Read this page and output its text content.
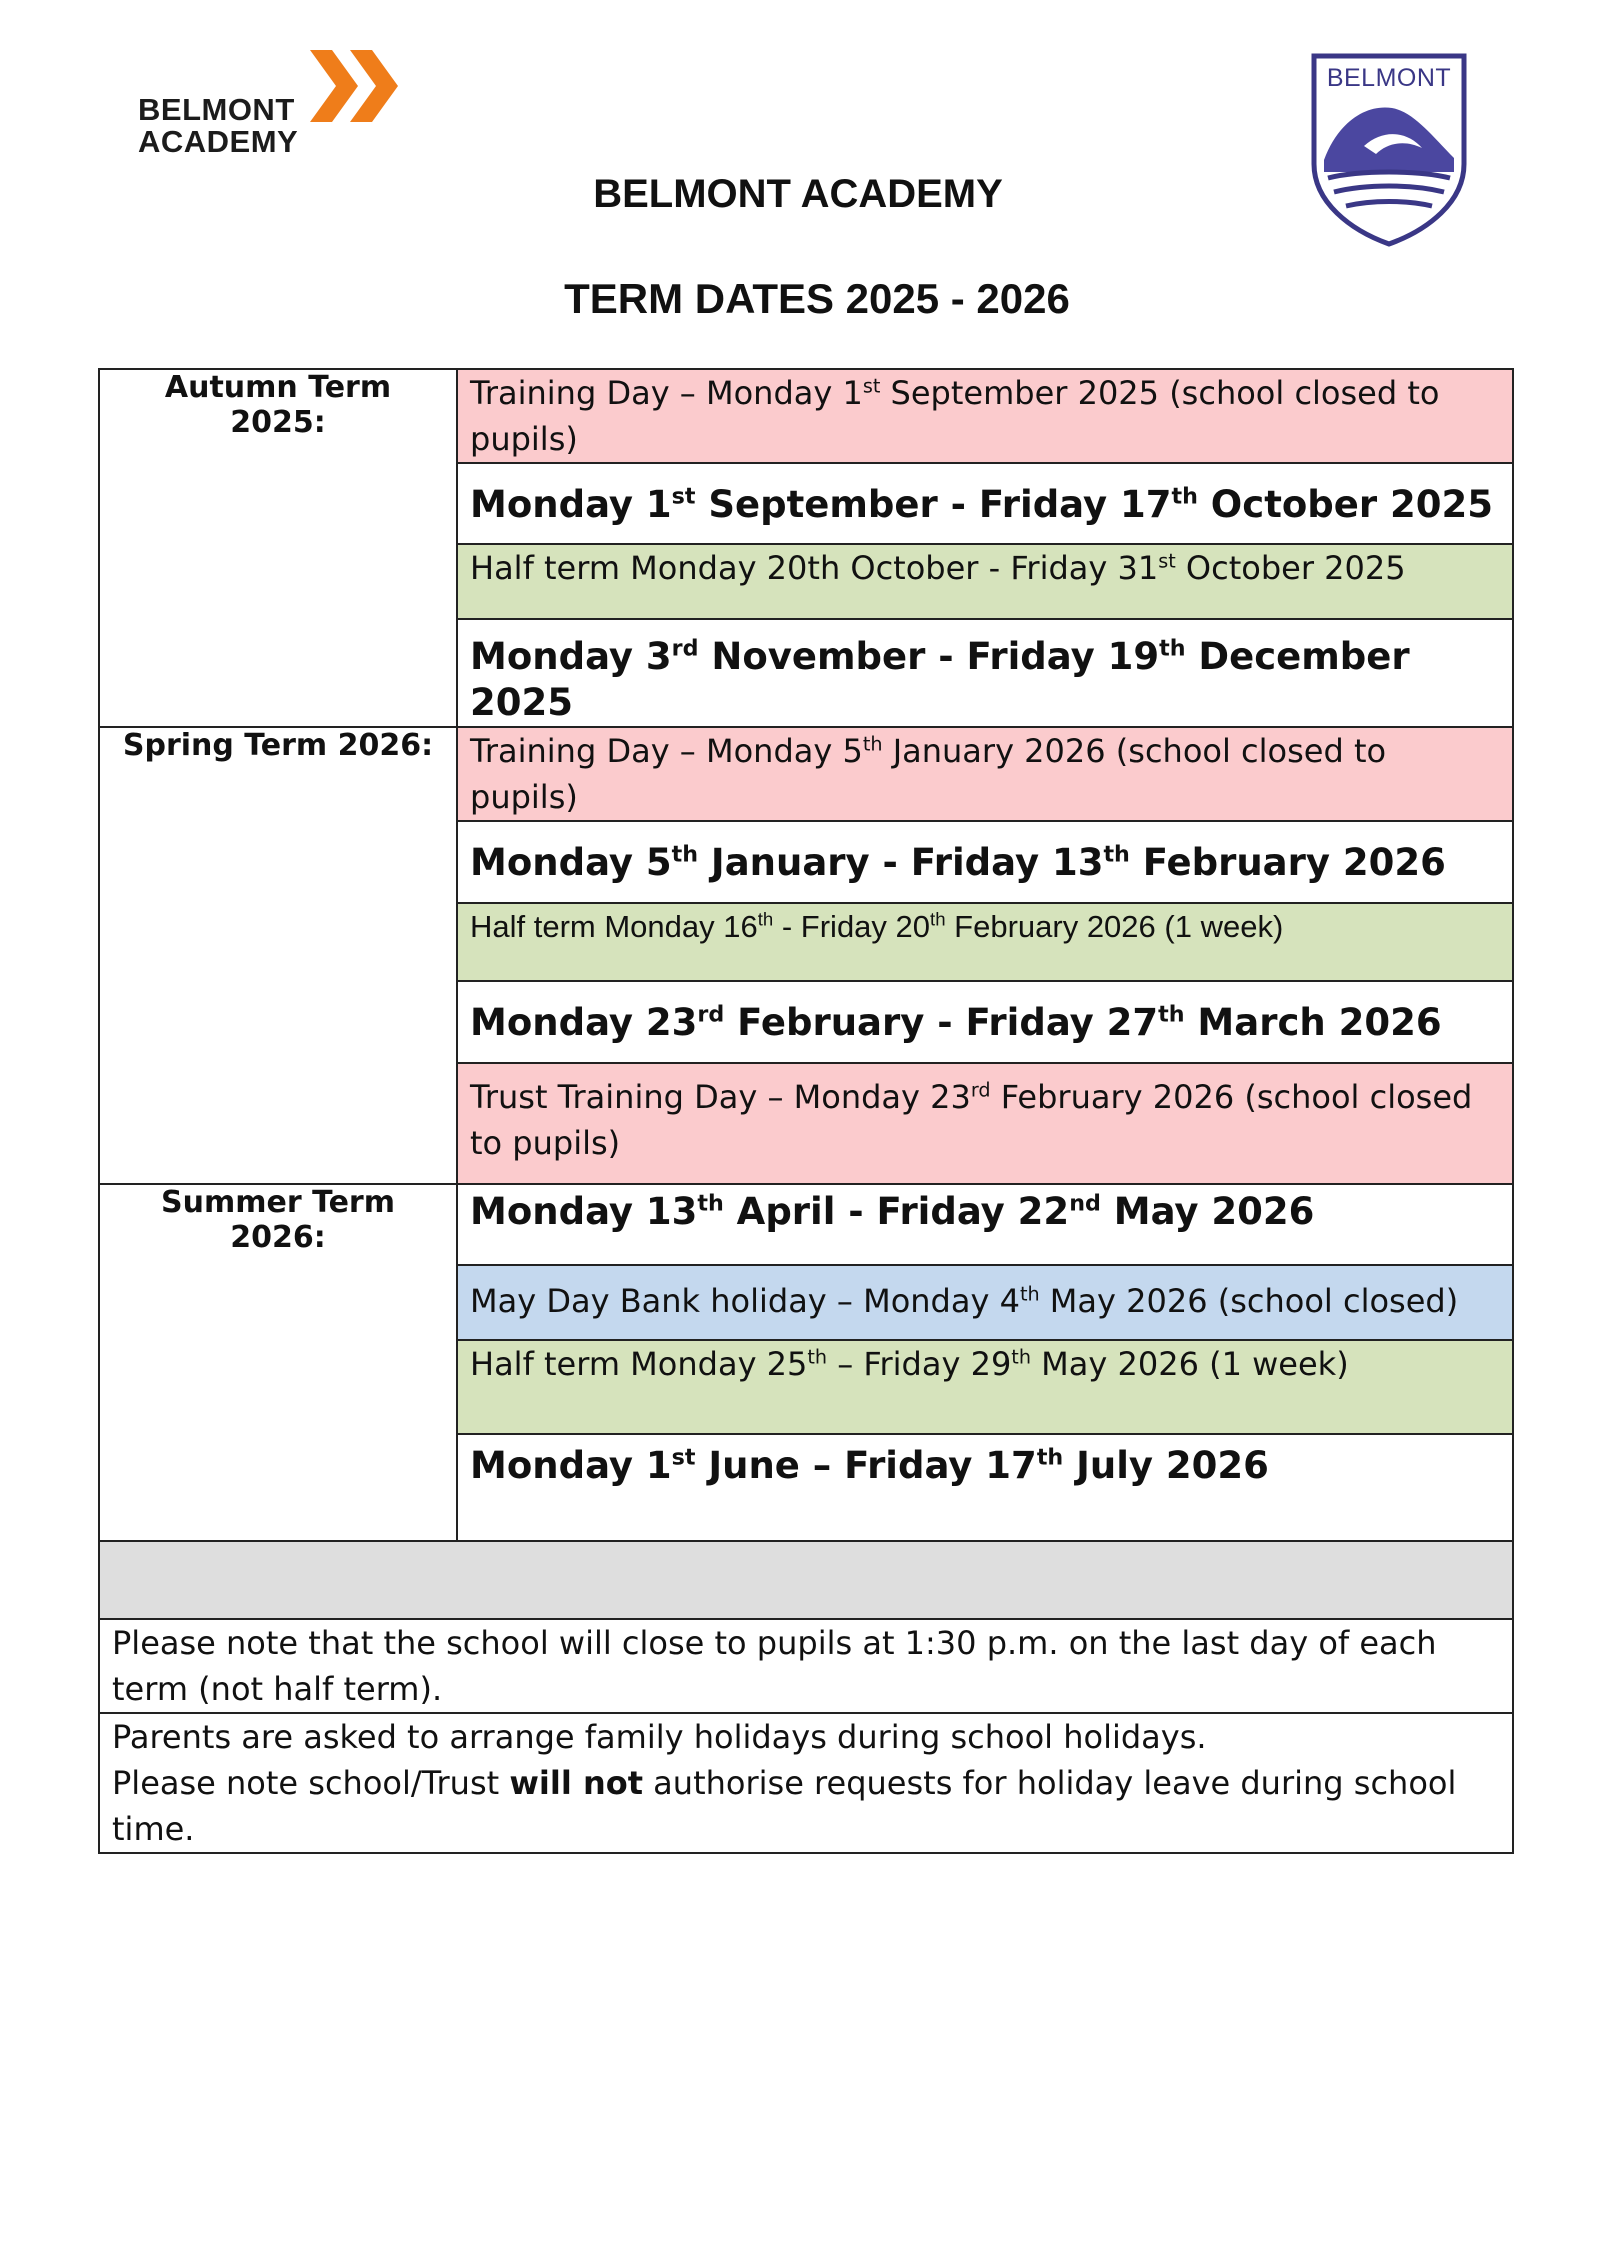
BELMONT
ACADEMY
BELMONT
BELMONT ACADEMY
TERM DATES 2025 - 2026
Autumn Term 2025:	Training Day – Monday 1st September 2025 (school closed to pupils)
	Monday 1st September - Friday 17th October 2025
	Half term Monday 20th October - Friday 31st October 2025
	Monday 3rd November - Friday 19th December 2025
Spring Term 2026:	Training Day – Monday 5th January 2026 (school closed to pupils)
	Monday 5th January - Friday 13th February 2026
	Half term Monday 16th - Friday 20th February 2026 (1 week)
	Monday 23rd February - Friday 27th March 2026
	Trust Training Day – Monday 23rd February 2026 (school closed to pupils)
Summer Term 2026:	Monday 13th April - Friday 22nd May 2026
	May Day Bank holiday – Monday 4th May 2026 (school closed)
	Half term Monday 25th – Friday 29th May 2026 (1 week)
	Monday 1st June – Friday 17th July 2026

Please note that the school will close to pupils at 1:30 p.m. on the last day of each term (not half term).	

Parents are asked to arrange family holidays during school holidays.
Please note school/Trust will not authorise requests for holiday leave during school time.	
